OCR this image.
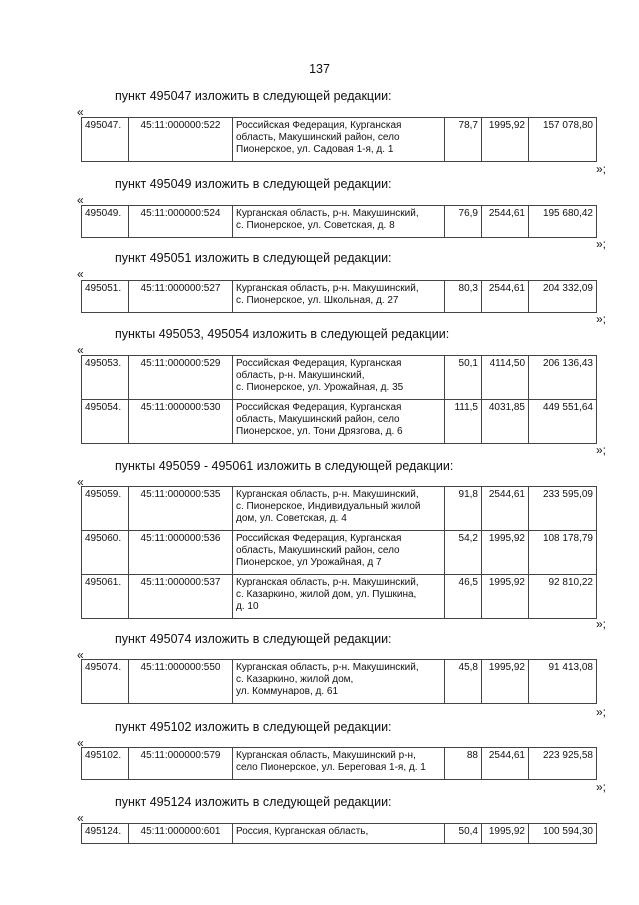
137
пункт 495047 изложить в следующей редакции:
«
495047.	45:11:000000:522	Российская Федерация, Курганская
область, Макушинский район, село
Пионерское, ул. Садовая 1-я, д. 1
	78,7	1995,92	157 078,80
»;
пункт 495049 изложить в следующей редакции:
«
495049.	45:11:000000:524	Курганская область, р-н. Макушинский,
с. Пионерское, ул. Советская, д. 8
	76,9	2544,61	195 680,42
»;
пункт 495051 изложить в следующей редакции:
«
495051.	45:11:000000:527	Курганская область, р-н. Макушинский,
с. Пионерское, ул. Школьная, д. 27
	80,3	2544,61	204 332,09
»;
пункты 495053, 495054 изложить в следующей редакции:
«
495053.	45:11:000000:529	Российская Федерация, Курганская
область, р-н. Макушинский,
с. Пионерское, ул. Урожайная, д. 35	50,1	4114,50	206 136,43
495054.	45:11:000000:530	Российская Федерация, Курганская
область, Макушинский район, село
Пионерское, ул. Тони Дрязгова, д. 6	111,5	4031,85	449 551,64
»;
пункты 495059 - 495061 изложить в следующей редакции:
«
495059.	45:11:000000:535	Курганская область, р-н. Макушинский,
с. Пионерское, Индивидуальный жилой
дом, ул. Советская, д. 4	91,8	2544,61	233 595,09
495060.	45:11:000000:536	Российская Федерация, Курганская
область, Макушинский район, село
Пионерское, ул Урожайная, д 7	54,2	1995,92	108 178,79
495061.	45:11:000000:537	Курганская область, р-н. Макушинский,
с. Казаркино, жилой дом, ул. Пушкина,
д. 10	46,5	1995,92	92 810,22
»;
пункт 495074 изложить в следующей редакции:
«
495074.	45:11:000000:550	Курганская область, р-н. Макушинский,
с. Казаркино, жилой дом,
ул. Коммунаров, д. 61
	45,8	1995,92	91 413,08
»;
пункт 495102 изложить в следующей редакции:
«
495102.	45:11:000000:579	Курганская область, Макушинский р-н,
село Пионерское, ул. Береговая 1-я, д. 1
	88	2544,61	223 925,58
»;
пункт 495124 изложить в следующей редакции:
«
495124.	45:11:000000:601	Россия, Курганская область,	50,4	1995,92	100 594,30
